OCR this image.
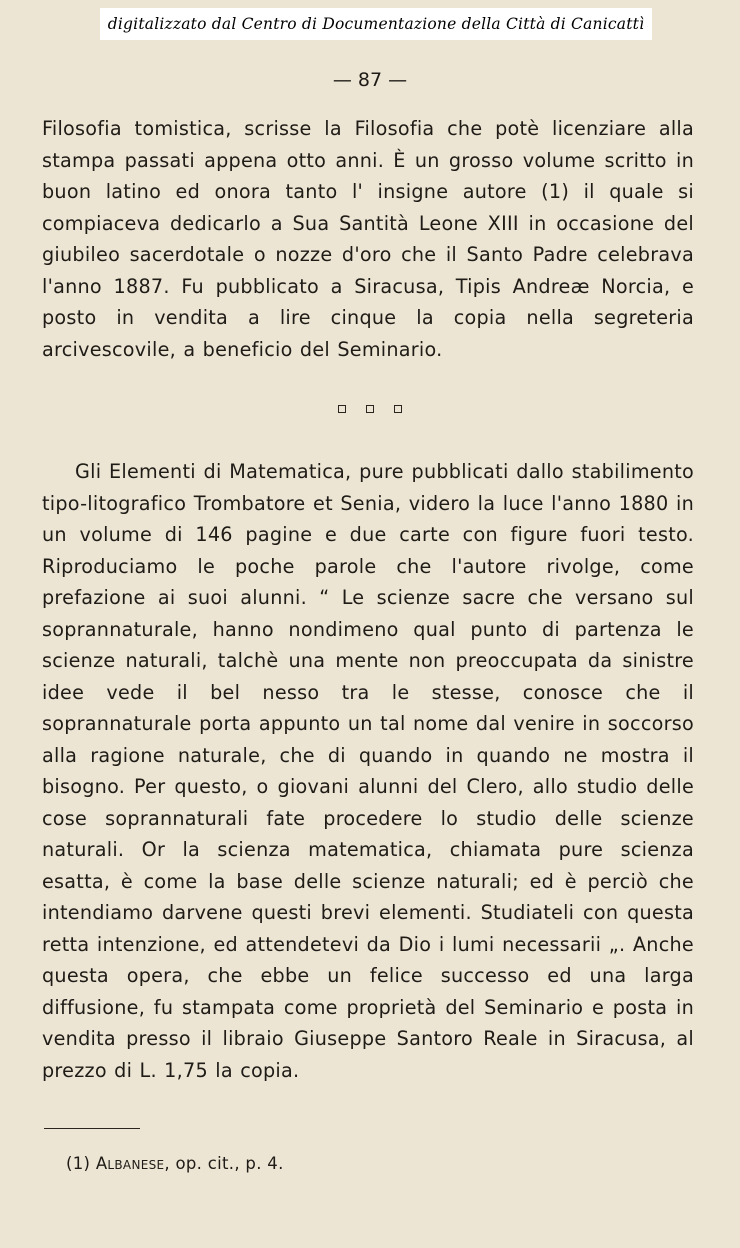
digitalizzato dal Centro di Documentazione della Città di Canicattì
— 87 —

Filosofia tomistica, scrisse la Filosofia che potè licenziare alla stampa passati appena otto anni. È un grosso volume scritto in buon latino ed onora tanto l' insigne autore (1) il quale si compiaceva dedicarlo a Sua Santità Leone XIII in occasione del giubileo sacerdotale o nozze d'oro che il Santo Padre celebrava l'anno 1887. Fu pubblicato a Siracusa, Tipis Andreæ Norcia, e posto in vendita a lire cinque la copia nella segreteria arcivescovile, a beneficio del Seminario.

Gli Elementi di Matematica, pure pubblicati dallo stabilimento tipo-litografico Trombatore et Senia, videro la luce l'anno 1880 in un volume di 146 pagine e due carte con figure fuori testo. Riproduciamo le poche parole che l'autore rivolge, come prefazione ai suoi alunni. “ Le scienze sacre che versano sul soprannaturale, hanno nondimeno qual punto di partenza le scienze naturali, talchè una mente non preoccupata da sinistre idee vede il bel nesso tra le stesse, conosce che il soprannaturale porta appunto un tal nome dal venire in soccorso alla ragione naturale, che di quando in quando ne mostra il bisogno. Per questo, o giovani alunni del Clero, allo studio delle cose soprannaturali fate procedere lo studio delle scienze naturali. Or la scienza matematica, chiamata pure scienza esatta, è come la base delle scienze naturali; ed è perciò che intendiamo darvene questi brevi elementi. Studiateli con questa retta intenzione, ed attendetevi da Dio i lumi necessarii „. Anche questa opera, che ebbe un felice successo ed una larga diffusione, fu stampata come proprietà del Seminario e posta in vendita presso il libraio Giuseppe Santoro Reale in Siracusa, al prezzo di L. 1,75 la copia.

(1) Albanese, op. cit., p. 4.
